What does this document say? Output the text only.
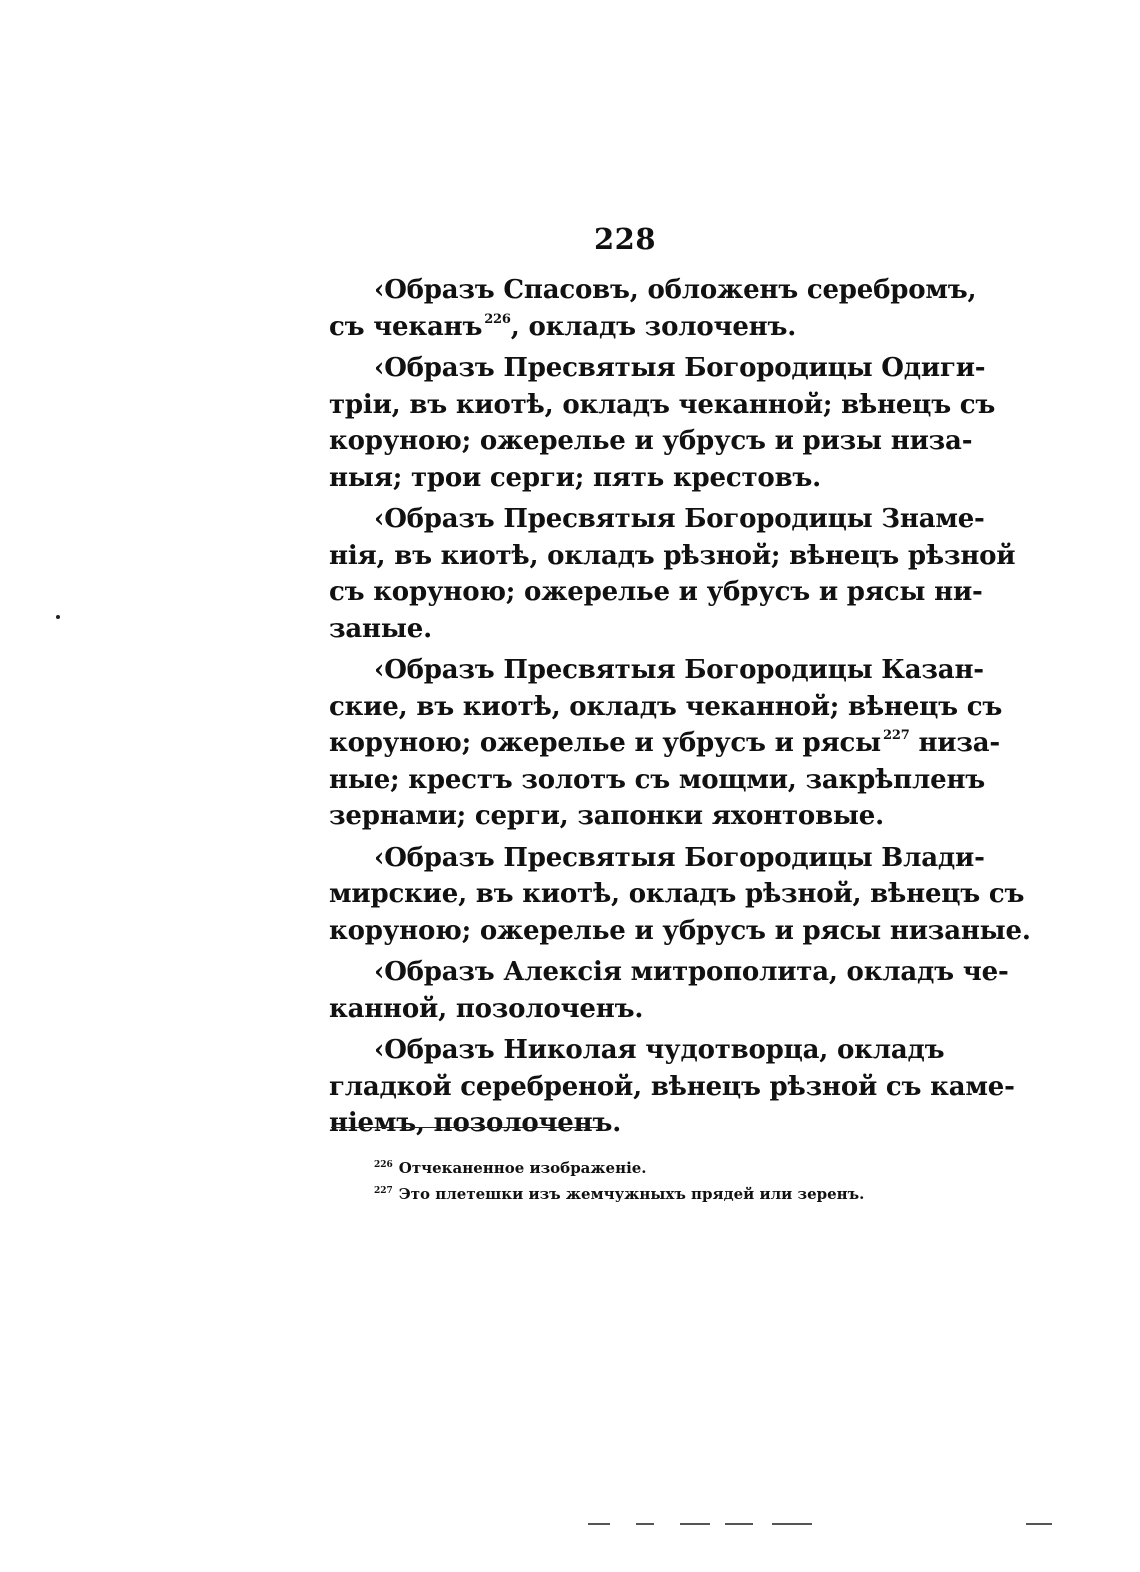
228
‹Образъ Спасовъ, обложенъ серебромъ,
съ чеканъ $^{226}$, окладъ золоченъ.
‹Образъ Пресвятыя Богородицы Одиги-
тріи, въ киотѣ, окладъ чеканной; вѣнецъ съ
коруною; ожерелье и убрусъ и ризы низа-
ныя; трои серги; пять крестовъ.
‹Образъ Пресвятыя Богородицы Знаме-
нія, въ киотѣ, окладъ рѣзной; вѣнецъ рѣзной
съ коруною; ожерелье и убрусъ и рясы ни-
заные.
‹Образъ Пресвятыя Богородицы Казан-
ские, въ киотѣ, окладъ чеканной; вѣнецъ съ
коруною; ожерелье и убрусъ и рясы $^{227}$ низа-
ные; крестъ золотъ съ мощми, закрѣпленъ
зернами; серги, запонки яхонтовые.
‹Образъ Пресвятыя Богородицы Влади-
мирские, въ киотѣ, окладъ рѣзной, вѣнецъ съ
коруною; ожерелье и убрусъ и рясы низаные.
‹Образъ Алексія митрополита, окладъ че-
канной, позолоченъ.
‹Образъ Николая чудотворца, окладъ
гладкой серебреной, вѣнецъ рѣзной съ каме-
ніемъ, позолоченъ.
$^{226}$ Отчеканенное изображеніе.
$^{227}$ Это плетешки изъ жемчужныхъ прядей или зеренъ.
